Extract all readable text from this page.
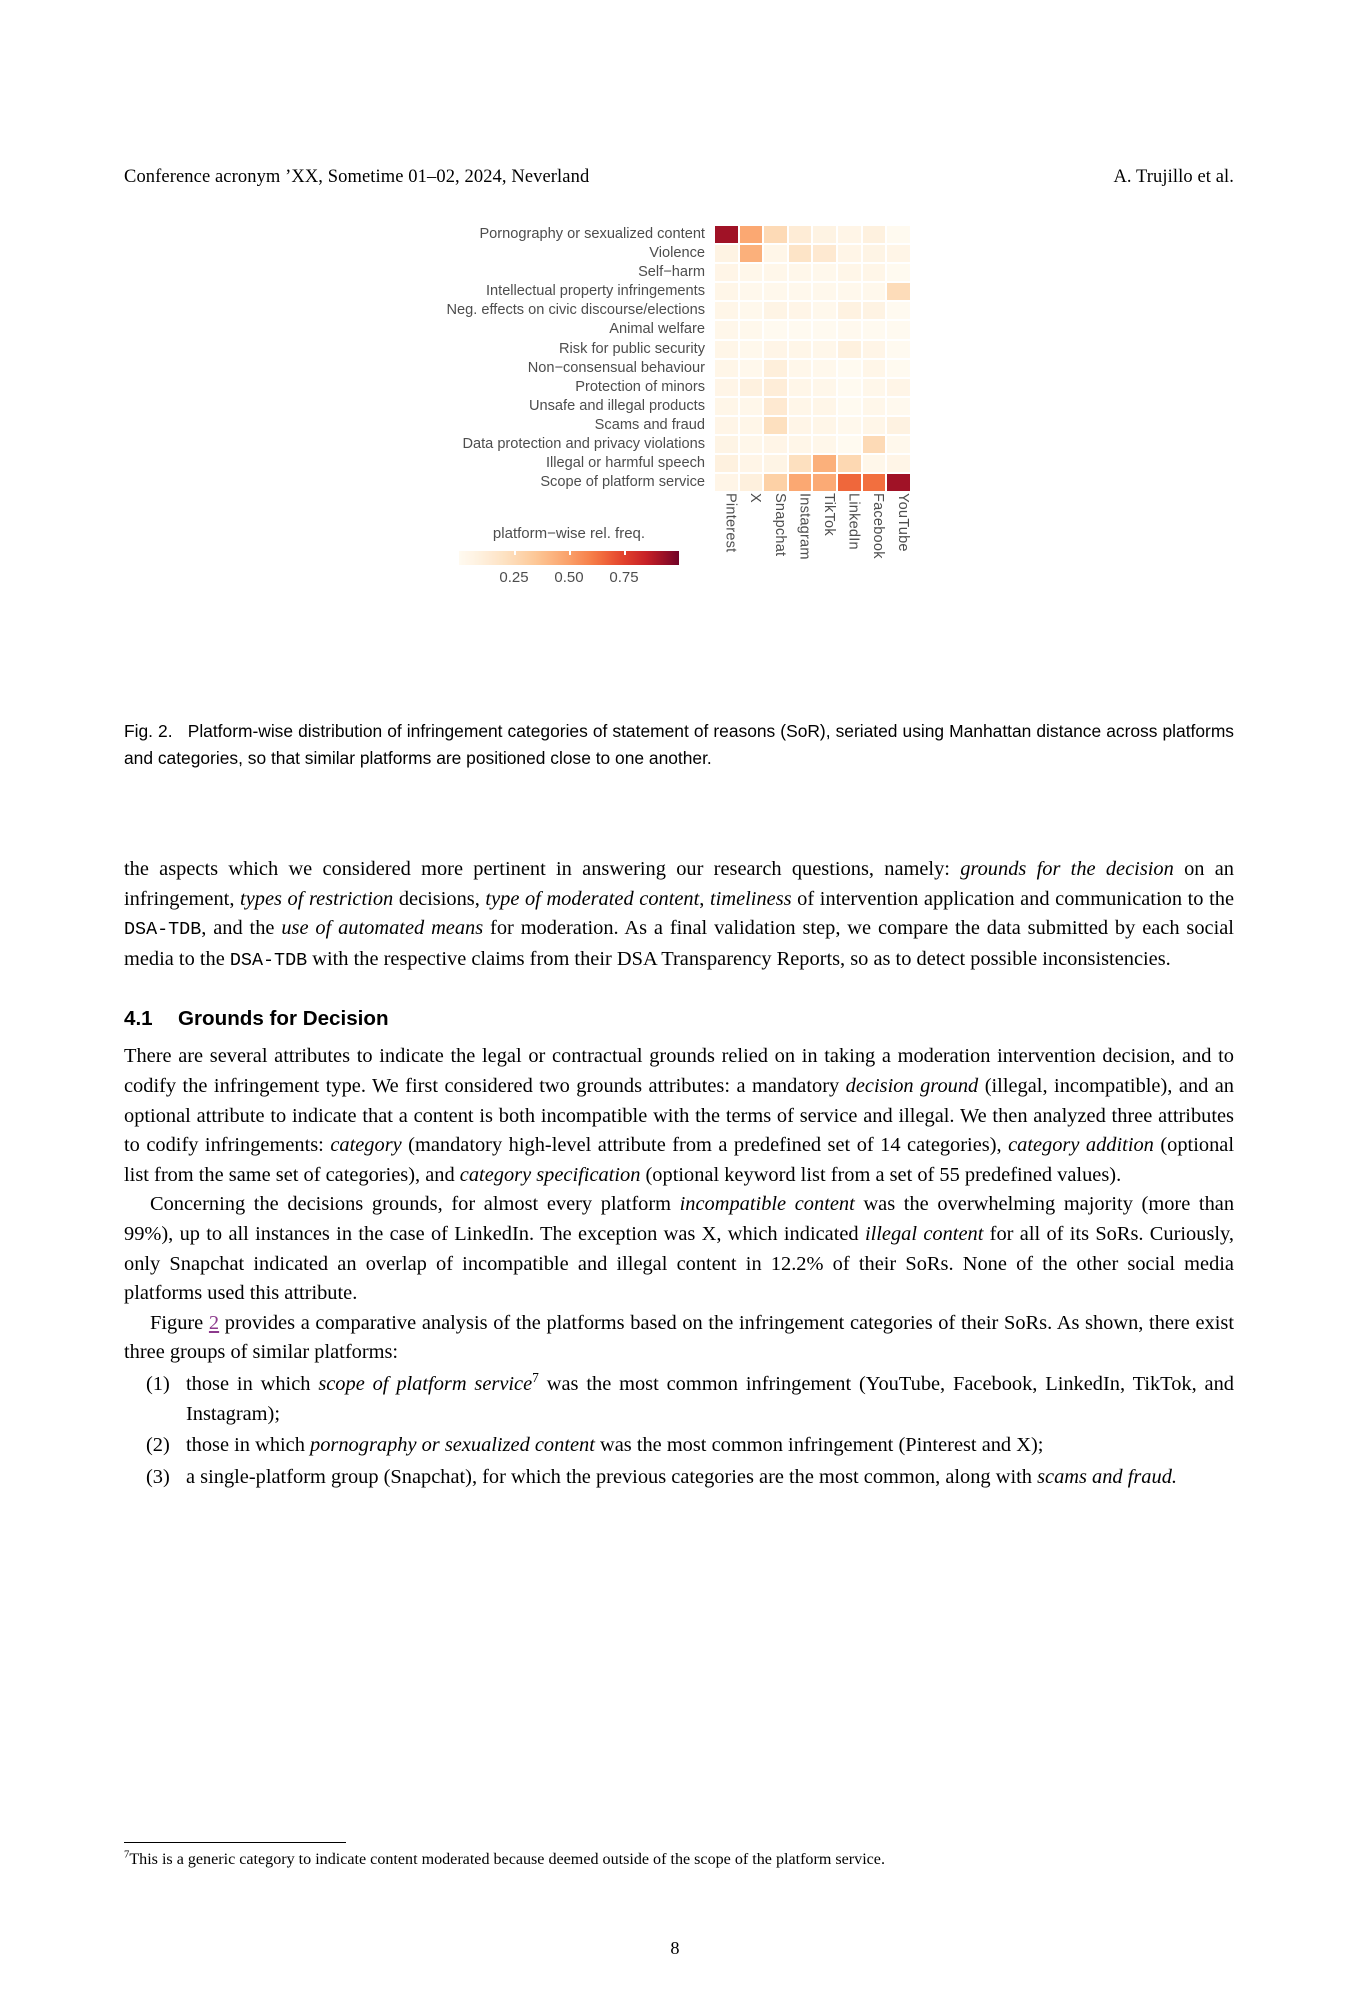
Conference acronym ’XX, Sometime 01–02, 2024, Neverland	A. Trujillo et al.
Pornography or sexualized content
Violence
Self−harm
Intellectual property infringements
Neg. effects on civic discourse/elections
Animal welfare
Risk for public security
Non−consensual behaviour
Protection of minors
Unsafe and illegal products
Scams and fraud
Data protection and privacy violations
Illegal or harmful speech
Scope of platform service
Pinterest X Snapchat Instagram TikTok LinkedIn Facebook YouTube
platform−wise rel. freq.
0.25 0.50 0.75
Fig. 2. Platform-wise distribution of infringement categories of statement of reasons (SoR), seriated using Manhattan distance across platforms and categories, so that similar platforms are positioned close to one another.

the aspects which we considered more pertinent in answering our research questions, namely: grounds for the decision on an infringement, types of restriction decisions, type of moderated content, timeliness of intervention application and communication to the DSA-TDB, and the use of automated means for moderation. As a final validation step, we compare the data submitted by each social media to the DSA-TDB with the respective claims from their DSA Transparency Reports, so as to detect possible inconsistencies.

4.1 Grounds for Decision

There are several attributes to indicate the legal or contractual grounds relied on in taking a moderation intervention decision, and to codify the infringement type. We first considered two grounds attributes: a mandatory decision ground (illegal, incompatible), and an optional attribute to indicate that a content is both incompatible with the terms of service and illegal. We then analyzed three attributes to codify infringements: category (mandatory high-level attribute from a predefined set of 14 categories), category addition (optional list from the same set of categories), and category specification (optional keyword list from a set of 55 predefined values).

Concerning the decisions grounds, for almost every platform incompatible content was the overwhelming majority (more than 99%), up to all instances in the case of LinkedIn. The exception was X, which indicated illegal content for all of its SoRs. Curiously, only Snapchat indicated an overlap of incompatible and illegal content in 12.2% of their SoRs. None of the other social media platforms used this attribute.

Figure 2 provides a comparative analysis of the platforms based on the infringement categories of their SoRs. As shown, there exist three groups of similar platforms:

those in which scope of platform service$^7$ was the most common infringement (YouTube, Facebook, LinkedIn, TikTok, and Instagram);
those in which pornography or sexualized content was the most common infringement (Pinterest and X);
a single-platform group (Snapchat), for which the previous categories are the most common, along with scams and fraud.
$^7$This is a generic category to indicate content moderated because deemed outside of the scope of the platform service.
8
